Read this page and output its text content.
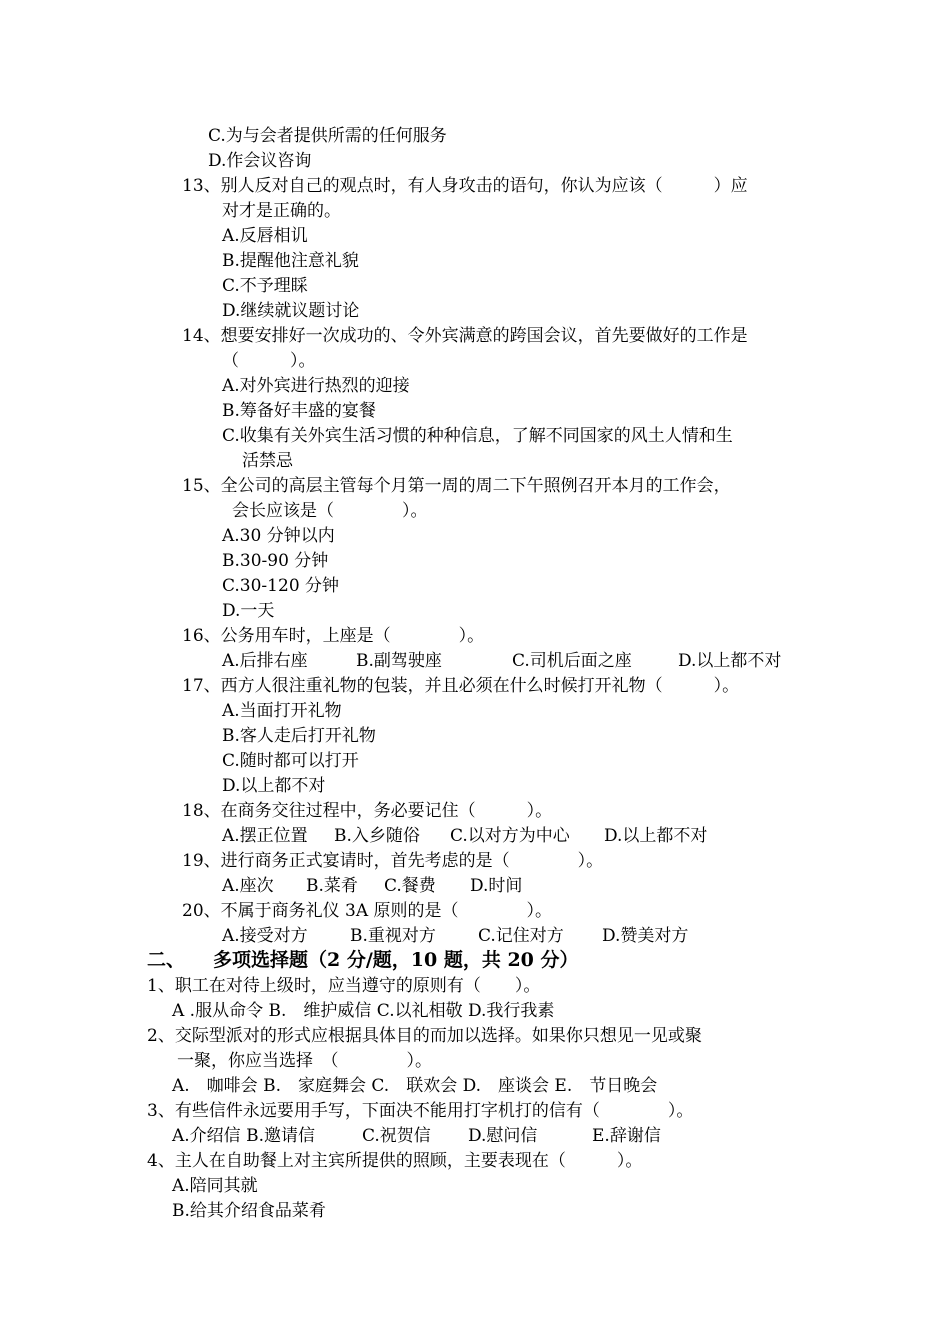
C.为与会者提供所需的任何服务
D.作会议咨询
13、别人反对自己的观点时，有人身攻击的语句，你认为应该（　　　）应
对才是正确的。
A.反唇相讥
B.提醒他注意礼貌
C.不予理睬
D.继续就议题讨论
14、想要安排好一次成功的、令外宾满意的跨国会议，首先要做好的工作是
（　　　）。
A.对外宾进行热烈的迎接
B.筹备好丰盛的宴餐
C.收集有关外宾生活习惯的种种信息，了解不同国家的风土人情和生
活禁忌
15、全公司的高层主管每个月第一周的周二下午照例召开本月的工作会，
会长应该是（　　　　）。
A.30 分钟以内
B.30-90 分钟
C.30-120 分钟
D.一天
16、公务用车时，上座是（　　　　）。
A.后排右座	B.副驾驶座	C.司机后面之座	D.以上都不对
17、西方人很注重礼物的包装，并且必须在什么时候打开礼物（　　　）。
A.当面打开礼物
B.客人走后打开礼物
C.随时都可以打开
D.以上都不对
18、在商务交往过程中，务必要记住（　　　）。
A.摆正位置 B.入乡随俗 C.以对方为中心 D.以上都不对
19、进行商务正式宴请时，首先考虑的是（　　　　）。
A.座次 B.菜肴 C.餐费 D.时间
20、不属于商务礼仪 3A 原则的是（　　　　）。
A.接受对方 B.重视对方 C.记住对方 D.赞美对方
二、 多项选择题（2 分/题，10 题，共 20 分）
1、职工在对待上级时，应当遵守的原则有（　　）。
A .服从命令 B.　维护威信 C.以礼相敬 D.我行我素
2、交际型派对的形式应根据具体目的而加以选择。如果你只想见一见或聚
一聚，你应当选择　（　　　　）。
A.　咖啡会 B.　家庭舞会 C.　联欢会 D.　座谈会 E.　节日晚会
3、有些信件永远要用手写，下面决不能用打字机打的信有（　　　　）。
A.介绍信 B.邀请信	C.祝贺信 D.慰问信	E.辞谢信
4、主人在自助餐上对主宾所提供的照顾，主要表现在（　　　）。
A.陪同其就
B.给其介绍食品菜肴
